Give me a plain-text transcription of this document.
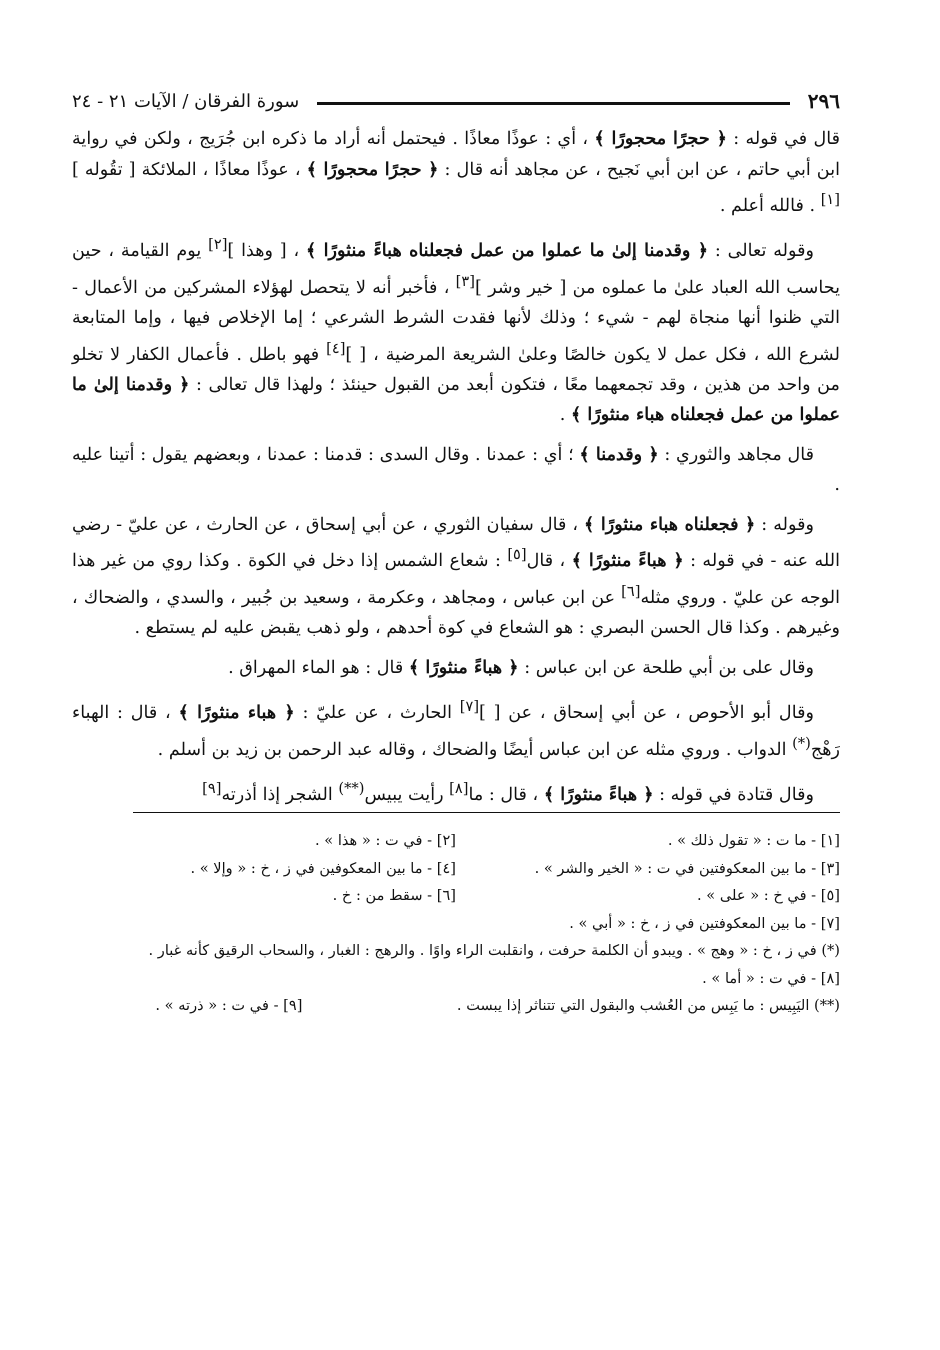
٢٩٦
سورة الفرقان / الآيات ٢١ - ٢٤

قال في قوله : ﴿ حجرًا محجورًا ﴾ ، أي : عوذًا معاذًا . فيحتمل أنه أراد ما ذكره ابن جُرَيج ، ولكن في رواية ابن أبي حاتم ، عن ابن أبي نَجيح ، عن مجاهد أنه قال : ﴿ حجرًا محجورًا ﴾ ، عوذًا معاذًا ، الملائكة [ تقُوله ][١] . فالله أعلم .

وقوله تعالى : ﴿ وقدمنا إلىٰ ما عملوا من عمل فجعلناه هباءً منثورًا ﴾ ، [ وهذا ][٢] يوم القيامة ، حين يحاسب الله العباد علىٰ ما عملوه من [ خير وشر ][٣] ، فأخبر أنه لا يتحصل لهؤلاء المشركين من الأعمال - التي ظنوا أنها منجاة لهم - شيء ؛ وذلك لأنها فقدت الشرط الشرعي ؛ إما الإخلاص فيها ، وإما المتابعة لشرع الله ، فكل عمل لا يكون خالصًا وعلىٰ الشريعة المرضية ، [ ][٤] فهو باطل . فأعمال الكفار لا تخلو من واحد من هذين ، وقد تجمعهما معًا ، فتكون أبعد من القبول حينئذ ؛ ولهذا قال تعالى : ﴿ وقدمنا إلىٰ ما عملوا من عمل فجعلناه هباء منثورًا ﴾ .

قال مجاهد والثوري : ﴿ وقدمنا ﴾ ؛ أي : عمدنا . وقال السدى : قدمنا : عمدنا ، وبعضهم يقول : أتينا عليه .

وقوله : ﴿ فجعلناه هباء منثورًا ﴾ ، قال سفيان الثوري ، عن أبي إسحاق ، عن الحارث ، عن عليّ - رضي الله عنه - في قوله : ﴿ هباءً منثورًا ﴾ ، قال[٥] : شعاع الشمس إذا دخل في الكوة . وكذا روي من غير هذا الوجه عن عليّ . وروي مثله[٦] عن ابن عباس ، ومجاهد ، وعكرمة ، وسعيد بن جُبير ، والسدي ، والضحاك ، وغيرهم . وكذا قال الحسن البصري : هو الشعاع في كوة أحدهم ، ولو ذهب يقبض عليه لم يستطع .

وقال على بن أبي طلحة عن ابن عباس : ﴿ هباءً منثورًا ﴾ قال : هو الماء المهراق .

وقال أبو الأحوص ، عن أبي إسحاق ، عن [ ][٧] الحارث ، عن عليّ : ﴿ هباء منثورًا ﴾ ، قال : الهباء رَهْج(*) الدواب . وروي مثله عن ابن عباس أيضًا والضحاك ، وقاله عبد الرحمن بن زيد بن أسلم .

وقال قتادة في قوله : ﴿ هباءً منثورًا ﴾ ، قال : ما[٨] رأيت يبيس(**) الشجر إذا أذرته[٩]

[١] - ما ت : « تقول ذلك » .
[٢] - في ت : « هذا » .
[٣] - ما بين المعكوفتين في ت : « الخير والشر » .
[٤] - ما بين المعكوفين في ز ، خ : « وإلا » .
[٥] - في خ : « على » .
[٦] - سقط من : خ .
[٧] - ما بين المعكوفتين في ز ، خ : « أبي » .
(*) في ز ، خ : « وهج » . ويبدو أن الكلمة حرفت ، وانقلبت الراء واوًا . والرهج : الغبار ، والسحاب الرقيق كأنه غبار .
[٨] - في ت : « أما » .
(**) اليَبِيس : ما يَبِس من العُشب والبقول التي تتناثر إذا يبست .
[٩] - في ت : « ذرته » .
